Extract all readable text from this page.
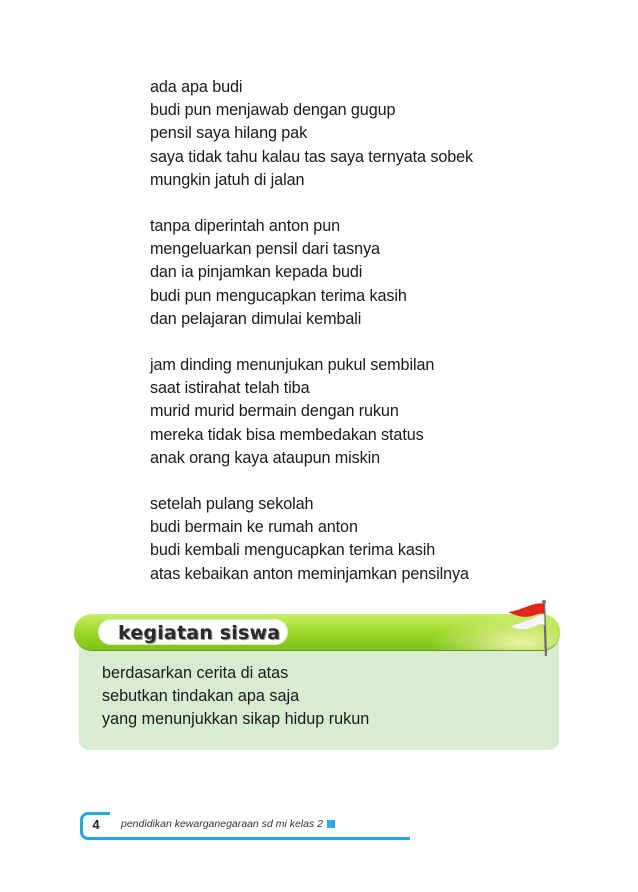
ada apa budi
budi pun menjawab dengan gugup
pensil saya hilang pak
saya tidak tahu kalau tas saya ternyata sobek
mungkin jatuh di jalan
tanpa diperintah anton pun
mengeluarkan pensil dari tasnya
dan ia pinjamkan kepada budi
budi pun mengucapkan terima kasih
dan pelajaran dimulai kembali
jam dinding menunjukan pukul sembilan
saat istirahat telah tiba
murid murid bermain dengan rukun
mereka tidak bisa membedakan status
anak orang kaya ataupun miskin
setelah pulang sekolah
budi bermain ke rumah anton
budi kembali mengucapkan terima kasih
atas kebaikan anton meminjamkan pensilnya
kegiatan siswa
berdasarkan cerita di atas
sebutkan tindakan apa saja
yang menunjukkan sikap hidup rukun
4	pendidikan kewarganegaraan sd mi kelas 2
